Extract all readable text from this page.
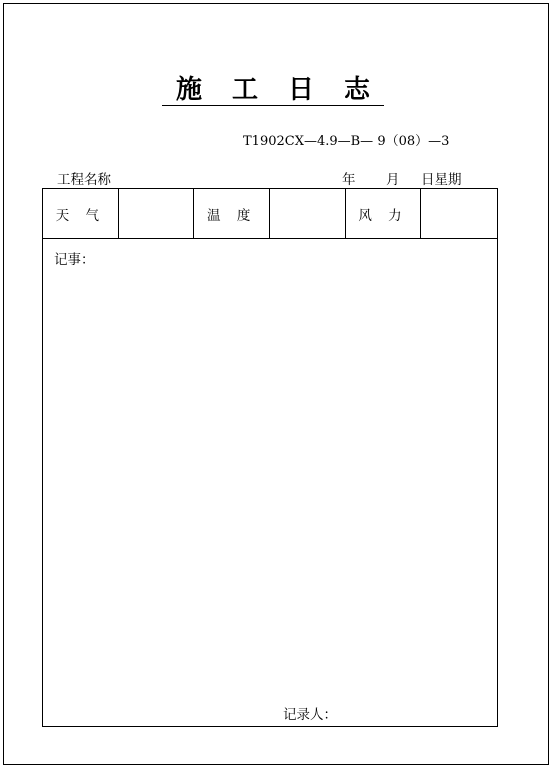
施 工 日 志
T1902CX—4.9—B— 9（08）—3
工程名称	年 月 日星期
天 气	温 度	风 力
记事：
记录人：
